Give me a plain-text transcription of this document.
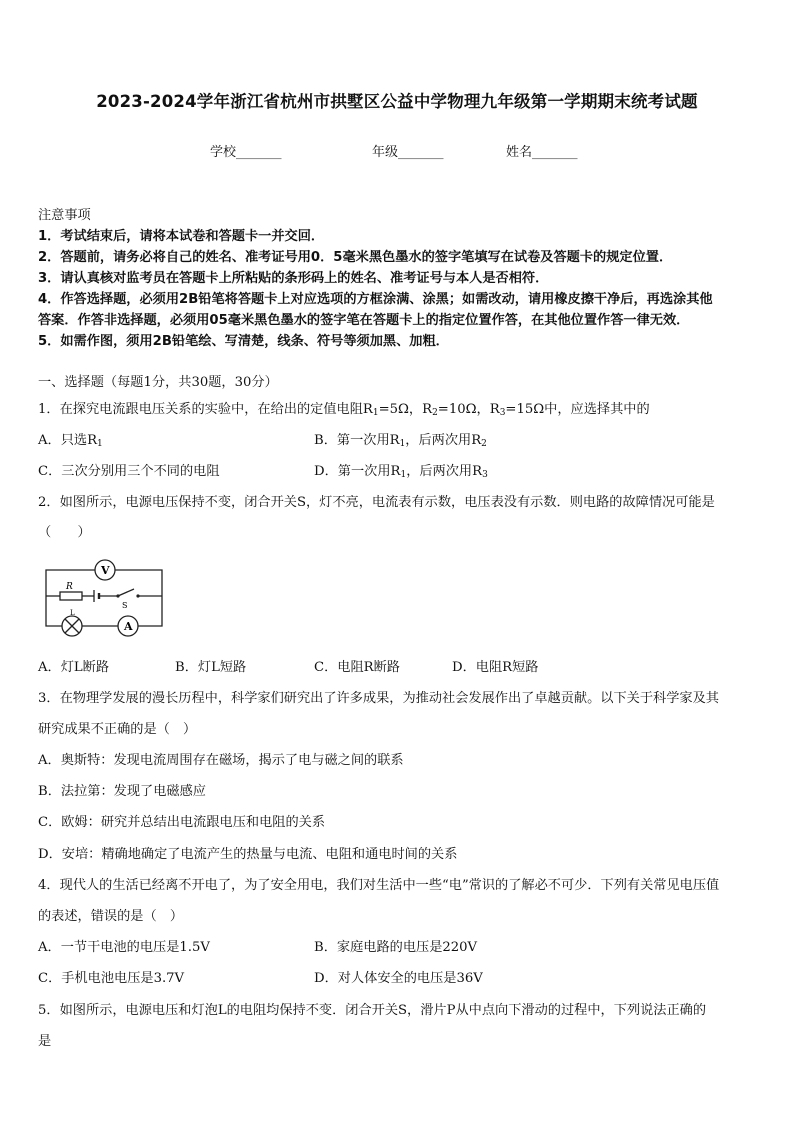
2023-2024学年浙江省杭州市拱墅区公益中学物理九年级第一学期期末统考试题
学校_______	年级_______	姓名_______
注意事项
1．考试结束后，请将本试卷和答题卡一并交回．
2．答题前，请务必将自己的姓名、准考证号用0．5毫米黑色墨水的签字笔填写在试卷及答题卡的规定位置．
3．请认真核对监考员在答题卡上所粘贴的条形码上的姓名、准考证号与本人是否相符．
4．作答选择题，必须用2B铅笔将答题卡上对应选项的方框涂满、涂黑；如需改动，请用橡皮擦干净后，再选涂其他
答案．作答非选择题，必须用05毫米黑色墨水的签字笔在答题卡上的指定位置作答，在其他位置作答一律无效．
5．如需作图，须用2B铅笔绘、写清楚，线条、符号等须加黑、加粗．
一、选择题（每题1分，共30题，30分）
1．在探究电流跟电压关系的实验中，在给出的定值电阻$R_1=5\Omega$，$R_2=10\Omega$，$R_3=15\Omega$中，应选择其中的
A．只选$R_1$	B．第一次用$R_1$，后两次用$R_2$
C．三次分别用三个不同的电阻	D．第一次用$R_1$，后两次用$R_3$
2．如图所示，电源电压保持不变，闭合开关S，灯不亮，电流表有示数，电压表没有示数．则电路的故障情况可能是
（　　）
V
A
R
S
L
A．灯L断路	B．灯L短路	C．电阻R断路	D．电阻R短路
3．在物理学发展的漫长历程中，科学家们研究出了许多成果，为推动社会发展作出了卓越贡献。以下关于科学家及其
研究成果不正确的是（　）
A．奥斯特：发现电流周围存在磁场，揭示了电与磁之间的联系
B．法拉第：发现了电磁感应
C．欧姆：研究并总结出电流跟电压和电阻的关系
D．安培：精确地确定了电流产生的热量与电流、电阻和通电时间的关系
4．现代人的生活已经离不开电了，为了安全用电，我们对生活中一些“电”常识的了解必不可少．下列有关常见电压值
的表述，错误的是（　）
A．一节干电池的电压是1.5V	B．家庭电路的电压是220V
C．手机电池电压是3.7V	D．对人体安全的电压是36V
5．如图所示，电源电压和灯泡L的电阻均保持不变．闭合开关S，滑片P从中点向下滑动的过程中，下列说法正确的
是
